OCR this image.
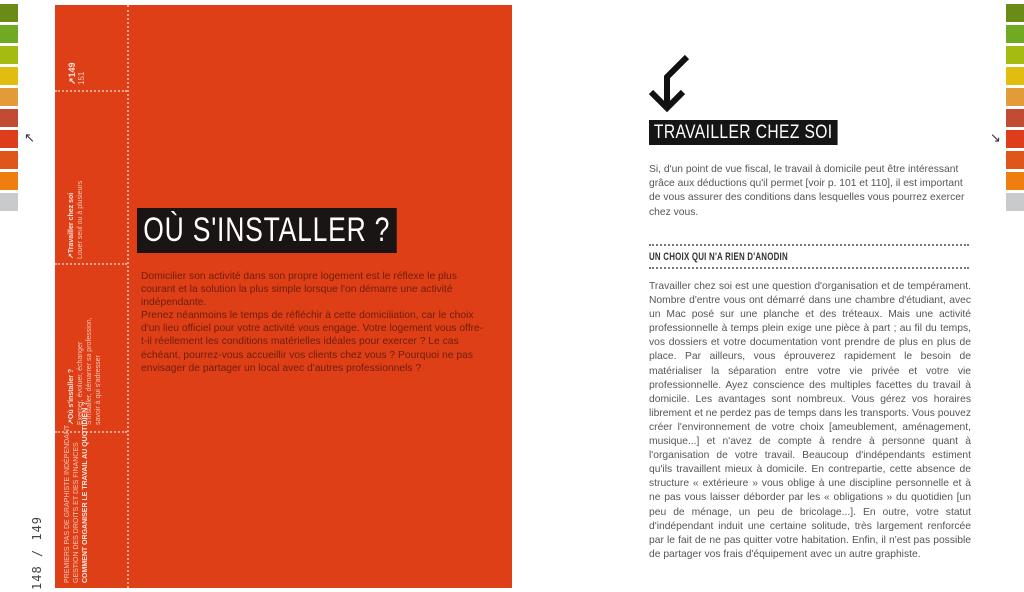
↖	↘
148 / 149
↗149
151
↗Travailler chez soi Louer seul ou à plusieurs
↗Où s'installer ? Exercer, évoluer, échanger S'installer, démarrer sa profession, savoir à qui s'adresser
PREMIERS PAS DE GRAPHISTE INDÉPENDANT GESTION DES DROITS ET DES FINANCES COMMENT ORGANISER LE TRAVAIL AU QUOTIDIEN ?
OÙ S'INSTALLER ?

Domicilier son activité dans son propre logement est le réflexe le plus courant et la solution la plus simple lorsque l'on démarre une activité indépendante.

Prenez néanmoins le temps de réfléchir à cette domiciliation, car le choix d'un lieu officiel pour votre activité vous engage. Votre logement vous offre-t-il réellement les conditions matérielles idéales pour exercer ? Le cas échéant, pourrez-vous accueillir vos clients chez vous ? Pourquoi ne pas envisager de partager un local avec d'autres professionnels ?

TRAVAILLER CHEZ SOI
Si, d'un point de vue fiscal, le travail à domicile peut être intéressant grâce aux déductions qu'il permet [voir p. 101 et 110], il est important de vous assurer des conditions dans lesquelles vous pourrez exercer chez vous.
UN CHOIX QUI N'A RIEN D'ANODIN
Travailler chez soi est une question d'organisation et de tempérament. Nombre d'entre vous ont démarré dans une chambre d'étudiant, avec un Mac posé sur une planche et des tréteaux. Mais une activité professionnelle à temps plein exige une pièce à part ; au fil du temps, vos dossiers et votre documentation vont prendre de plus en plus de place. Par ailleurs, vous éprouverez rapidement le besoin de matérialiser la séparation entre votre vie privée et votre vie professionnelle. Ayez conscience des multiples facettes du travail à domicile. Les avantages sont nombreux. Vous gérez vos horaires librement et ne perdez pas de temps dans les transports. Vous pouvez créer l'environnement de votre choix [ameublement, aménagement, musique...] et n'avez de compte à rendre à personne quant à l'organisation de votre travail. Beaucoup d'indépendants estiment qu'ils travaillent mieux à domicile. En contrepartie, cette absence de structure « extérieure » vous oblige à une discipline personnelle et à ne pas vous laisser déborder par les « obligations » du quotidien [un peu de ménage, un peu de bricolage...]. En outre, votre statut d'indépendant induit une certaine solitude, très largement renforcée par le fait de ne pas quitter votre habitation. Enfin, il n'est pas possible de partager vos frais d'équipement avec un autre graphiste.
